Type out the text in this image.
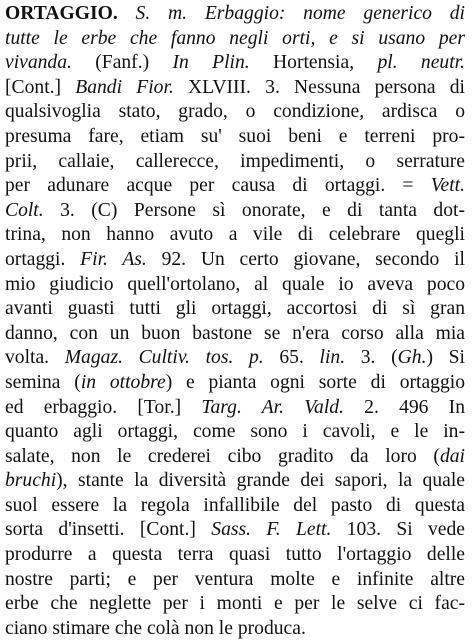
ORTAGGIO. S. m. Erbaggio: nome generico di
tutte le erbe che fanno negli orti, e si usano per
vivanda. (Fanf.) In Plin. Hortensia, pl. neutr.
[Cont.] Bandi Fior. XLVIII. 3. Nessuna persona di
qualsivoglia stato, grado, o condizione, ardisca o
presuma fare, etiam su' suoi beni e terreni pro-
prii, callaie, callerecce, impedimenti, o serrature
per adunare acque per causa di ortaggi. = Vett.
Colt. 3. (C) Persone sì onorate, e di tanta dot-
trina, non hanno avuto a vile di celebrare quegli
ortaggi. Fir. As. 92. Un certo giovane, secondo il
mio giudicio quell'ortolano, al quale io aveva poco
avanti guasti tutti gli ortaggi, accortosi di sì gran
danno, con un buon bastone se n'era corso alla mia
volta. Magaz. Cultiv. tos. p. 65. lin. 3. (Gh.) Si
semina (in ottobre) e pianta ogni sorte di ortaggio
ed erbaggio. [Tor.] Targ. Ar. Vald. 2. 496 In
quanto agli ortaggi, come sono i cavoli, e le in-
salate, non le crederei cibo gradito da loro (dai
bruchi), stante la diversità grande dei sapori, la quale
suol essere la regola infallibile del pasto di questa
sorta d'insetti. [Cont.] Sass. F. Lett. 103. Si vede
produrre a questa terra quasi tutto l'ortaggio delle
nostre parti; e per ventura molte e infinite altre
erbe che neglette per i monti e per le selve ci fac-
ciano stimare che colà non le produca.
